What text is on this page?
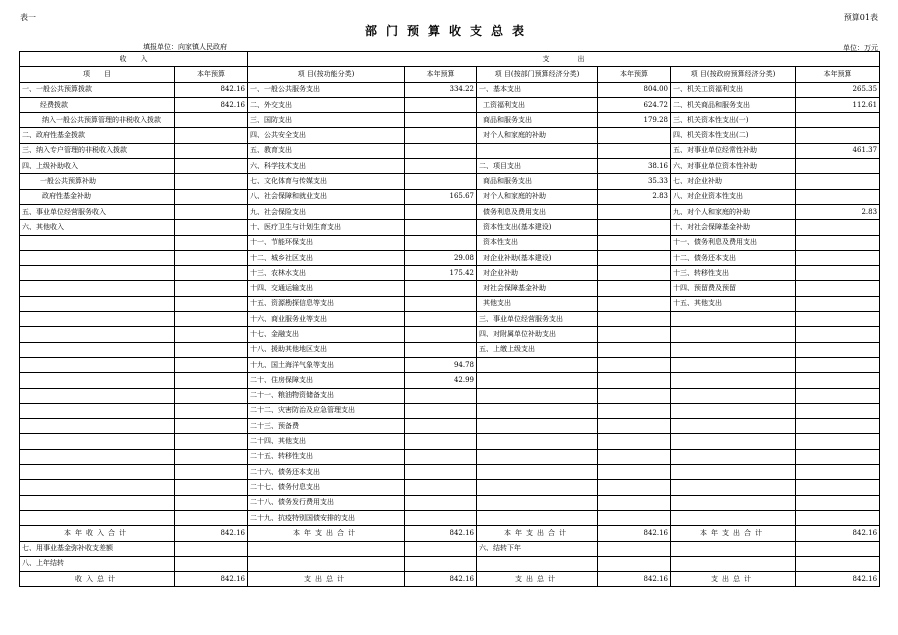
表一	预算01表
部门预算收支总表
填报单位：向家镇人民政府	单位：万元
收　　入		支　　　　出					
项　　目	本年预算	项 目(按功能分类)	本年预算	项 目(按部门预算经济分类)	本年预算	项 目(按政府预算经济分类)	本年预算
一、一般公共预算拨款	842.16	一、一般公共服务支出	334.22	一、基本支出	804.00	一、机关工资福利支出	265.35
经费拨款	842.16	二、外交支出		工资福利支出	624.72	二、机关商品和服务支出	112.61
纳入一般公共预算管理的非税收入拨款		三、国防支出		商品和服务支出	179.28	三、机关资本性支出(一)	
二、政府性基金拨款		四、公共安全支出		对个人和家庭的补助		四、机关资本性支出(二)	
三、纳入专户管理的非税收入拨款		五、教育支出				五、对事业单位经常性补助	461.37
四、上级补助收入		六、科学技术支出		二、项目支出	38.16	六、对事业单位资本性补助	
一般公共预算补助		七、文化体育与传媒支出		商品和服务支出	35.33	七、对企业补助	
政府性基金补助		八、社会保障和就业支出	165.67	对个人和家庭的补助	2.83	八、对企业资本性支出	
五、事业单位经营服务收入		九、社会保险支出		债务利息及费用支出		九、对个人和家庭的补助	2.83
六、其他收入		十、医疗卫生与计划生育支出		资本性支出(基本建设)		十、对社会保障基金补助	
		十一、节能环保支出		资本性支出		十一、债务利息及费用支出	
		十二、城乡社区支出	29.08	对企业补助(基本建设)		十二、债务还本支出	
		十三、农林水支出	175.42	对企业补助		十三、转移性支出	
		十四、交通运输支出		对社会保障基金补助		十四、预留费及预留	
		十五、资源勘探信息等支出		其他支出		十五、其他支出	
		十六、商业服务业等支出		三、事业单位经营服务支出			
		十七、金融支出		四、对附属单位补助支出			
		十八、援助其他地区支出		五、上缴上级支出			
		十九、国土海洋气象等支出	94.78				
		二十、住房保障支出	42.99				
		二十一、粮油物资储备支出					
		二十二、灾害防治及应急管理支出					
		二十三、预备费					
		二十四、其他支出					
		二十五、转移性支出					
		二十六、债务还本支出					
		二十七、债务付息支出					
		二十八、债务发行费用支出					
		二十九、抗疫特别国债安排的支出					
本年收入合计	842.16	本年支出合计	842.16	本年支出合计	842.16	本年支出合计	842.16
七、用事业基金弥补收支差额				六、结转下年			
八、上年结转							
收入总计	842.16	支出总计	842.16	支出总计	842.16	支出总计	842.16
